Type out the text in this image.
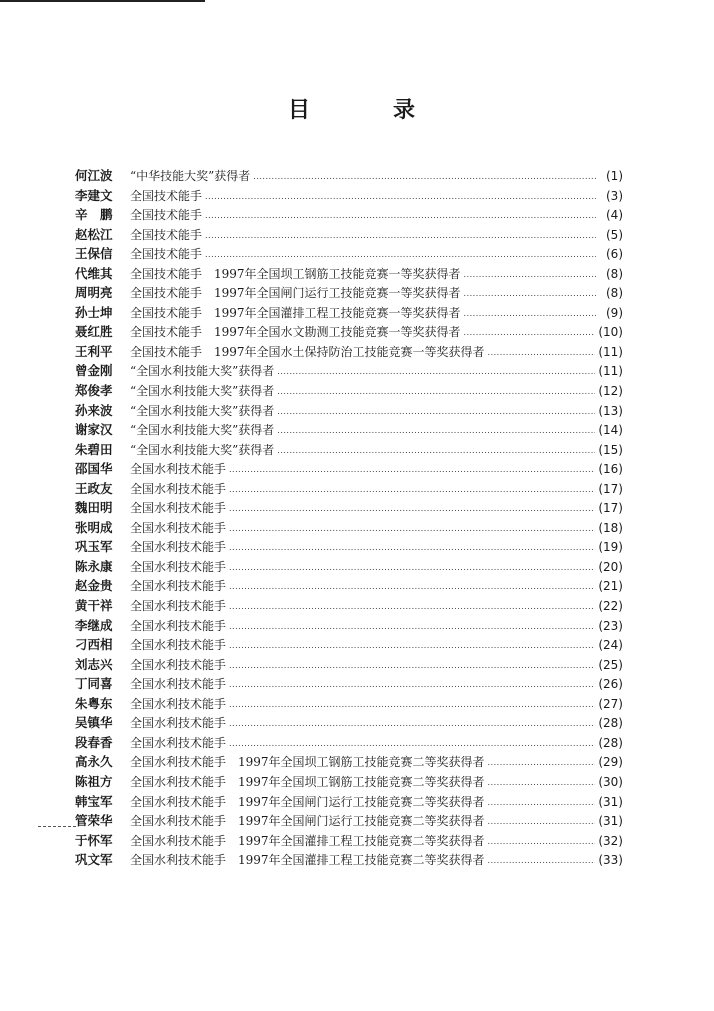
目	录
何江波	“中华技能大奖”获得者 .....	(1)
李建文	全国技术能手 .....	(3)
辛　鹏	全国技术能手 .....	(4)
赵松江	全国技术能手 .....	(5)
王保信	全国技术能手 .....	(6)
代维其	全国技术能手　1997年全国坝工钢筋工技能竞赛一等奖获得者 .....	(8)
周明亮	全国技术能手　1997年全国闸门运行工技能竞赛一等奖获得者 .....	(8)
孙士坤	全国技术能手　1997年全国灌排工程工技能竞赛一等奖获得者 .....	(9)
聂红胜	全国技术能手　1997年全国水文勘测工技能竞赛一等奖获得者 .....	(10)
王利平	全国技术能手　1997年全国水土保持防治工技能竞赛一等奖获得者 .....	(11)
曾金刚	“全国水利技能大奖”获得者 .....	(11)
郑俊孝	“全国水利技能大奖”获得者 .....	(12)
孙来波	“全国水利技能大奖”获得者 .....	(13)
谢家汉	“全国水利技能大奖”获得者 .....	(14)
朱碧田	“全国水利技能大奖”获得者 .....	(15)
邵国华	全国水利技术能手 .....	(16)
王政友	全国水利技术能手 .....	(17)
魏田明	全国水利技术能手 .....	(17)
张明成	全国水利技术能手 .....	(18)
巩玉军	全国水利技术能手 .....	(19)
陈永康	全国水利技术能手 .....	(20)
赵金贵	全国水利技术能手 .....	(21)
黄干祥	全国水利技术能手 .....	(22)
李继成	全国水利技术能手 .....	(23)
刁西相	全国水利技术能手 .....	(24)
刘志兴	全国水利技术能手 .....	(25)
丁同喜	全国水利技术能手 .....	(26)
朱粤东	全国水利技术能手 .....	(27)
吴镇华	全国水利技术能手 .....	(28)
段春香	全国水利技术能手 .....	(28)
高永久	全国水利技术能手　1997年全国坝工钢筋工技能竞赛二等奖获得者 .....	(29)
陈祖方	全国水利技术能手　1997年全国坝工钢筋工技能竞赛二等奖获得者 .....	(30)
韩宝军	全国水利技术能手　1997年全国闸门运行工技能竞赛二等奖获得者 .....	(31)
管荣华	全国水利技术能手　1997年全国闸门运行工技能竞赛二等奖获得者 .....	(31)
于怀军	全国水利技术能手　1997年全国灌排工程工技能竞赛二等奖获得者 .....	(32)
巩文军	全国水利技术能手　1997年全国灌排工程工技能竞赛二等奖获得者 .....	(33)
